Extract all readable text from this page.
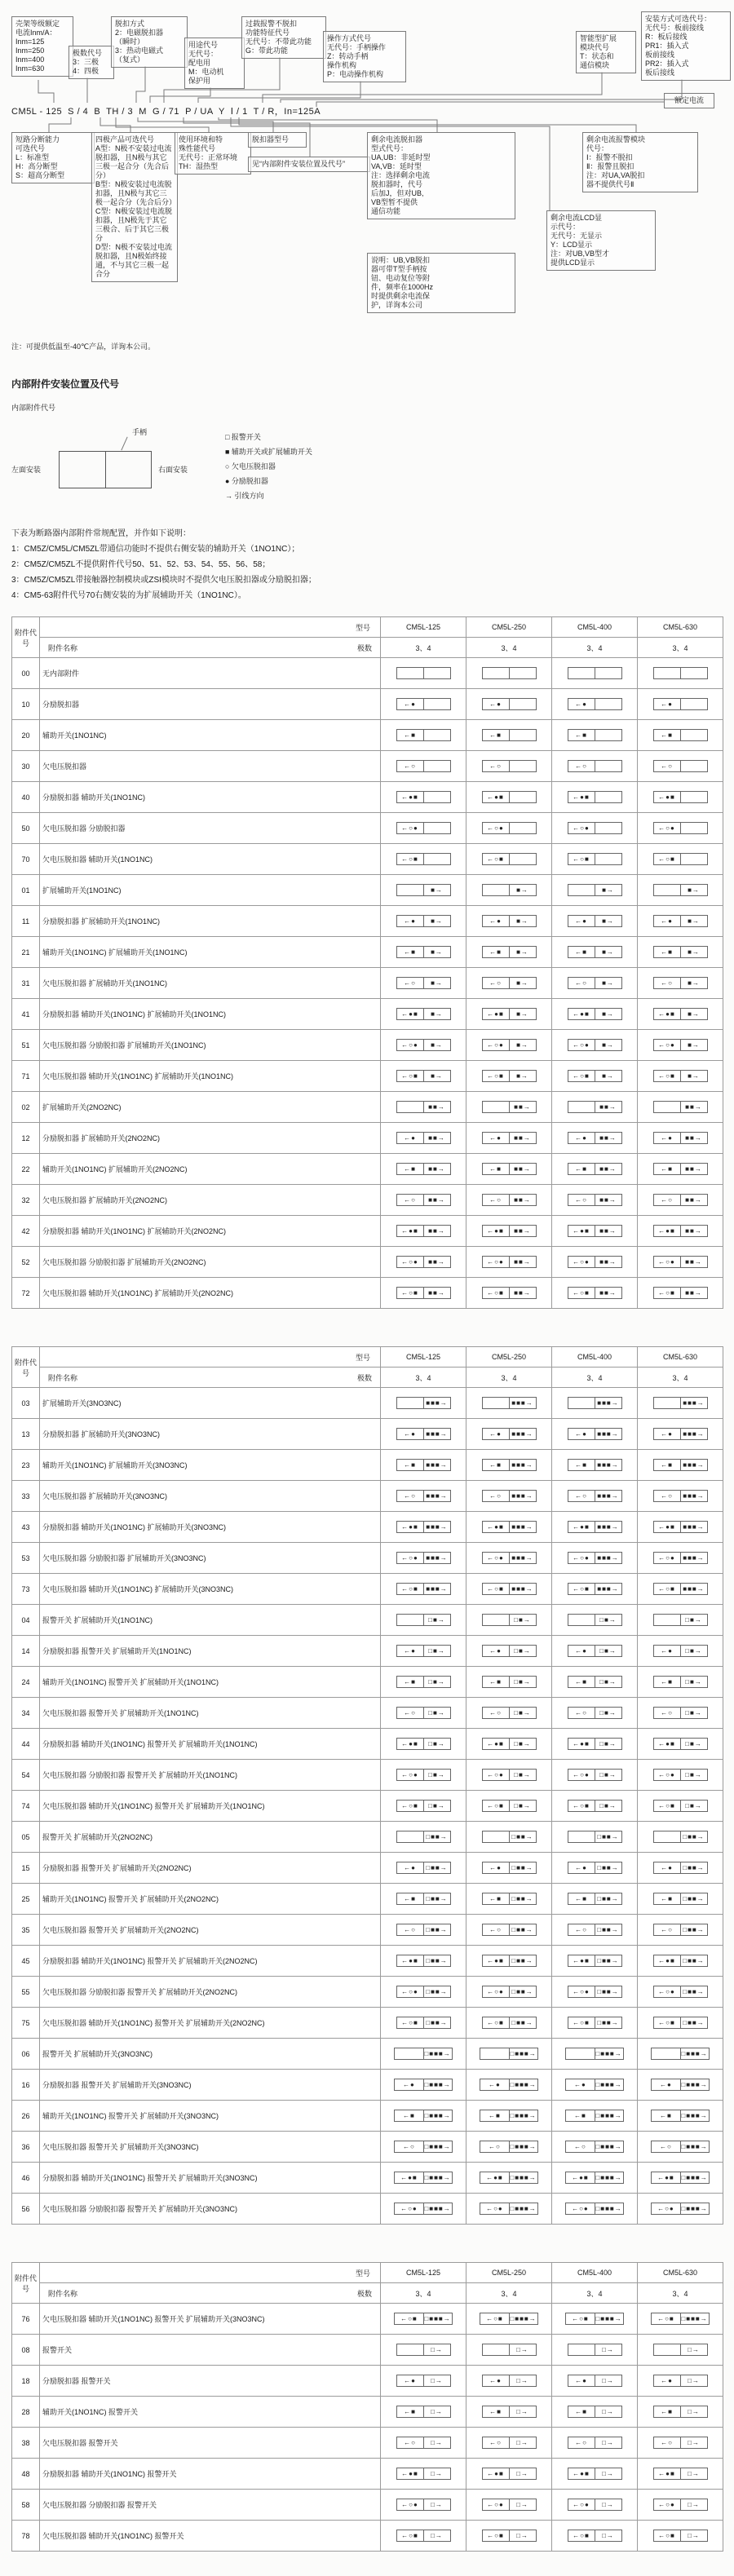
壳架等级额定
电流Inm/A：
Inm=125
Inm=250
Inm=400
Inm=630
极数代号
3：三极
4：四极
脱扣方式
2：电磁脱扣器
（瞬时）
3：热动电磁式
（复式）
用途代号
无代号：
配电用
M：电动机
保护用
过载报警不脱扣
功能特征代号
无代号：不带此功能
G：带此功能
操作方式代号
无代号：手柄操作
Z：转动手柄
操作机构
P：电动操作机构
智能型扩展
模块代号
T：状态和
通信模块
安装方式可选代号：
无代号：板前接线
R：板后接线
PR1：插入式
板前接线
PR2：插入式
板后接线
CM5L - 125  S / 4  B  TH / 3  M  G / 71  P / UA  Y  Ⅰ / 1  T / R，In=125A
额定电流
短路分断能力
可选代号
L：标准型
H：高分断型
S：超高分断型
四极产品可选代号
A型：N极不安装过电流脱扣器，且N极与其它三极一起合分（先合后分）
B型：N极安装过电流脱扣器，且N极与其它三极一起合分（先合后分）
C型：N极安装过电流脱扣器，且N极先于其它三极合、后于其它三极分
D型：N极不安装过电流脱扣器，且N极始终接通，不与其它三极一起合分
使用环境和特
殊性能代号
无代号：正常环境
TH：湿热型
脱扣器型号
见“内部附件安装位置及代号”
剩余电流脱扣器
型式代号：
UA,UB：非延时型
VA,VB：延时型
注：选择剩余电流
脱扣器时，代号
后加J，但对UB,
VB型暂不提供
通信功能
说明：UB,VB脱扣
器可带T型手柄按
钮、电动复位等附
件，频率在1000Hz
时提供剩余电流保
护，详询本公司
剩余电流报警模块
代号：
Ⅰ：报警不脱扣
Ⅱ：报警且脱扣
注：对UA,VA脱扣
器不提供代号Ⅱ
剩余电流LCD显
示代号：
无代号：无显示
Y：LCD显示
注：对UB,VB型才
提供LCD显示
注：可提供低温至-40℃产品，详询本公司。
内部附件安装位置及代号
内部附件代号
手柄
左面安装	右面安装
□ 报警开关
■ 辅助开关或扩展辅助开关
○ 欠电压脱扣器
● 分励脱扣器
→ 引线方向

下表为断路器内部附件常规配置，并作如下说明：

1：CM5Z/CM5L/CM5ZL带通信功能时不提供右侧安装的辅助开关（1NO1NC）；
2：CM5Z/CM5ZL不提供附件代号50、51、52、53、54、55、56、58；
3：CM5Z/CM5ZL带接触器控制模块或ZSI模块时不提供欠电压脱扣器或分励脱扣器；
4：CM5-63附件代号70右侧安装的为扩展辅助开关（1NO1NC）。
附件代号	型号	CM5L-125	CM5L-250	CM5L-400	CM5L-630

	附件名称 极数	3、4	3、4	3、4	3、4
00	无内部附件	

10	分励脱扣器	←●	←●	←●	←●

20	辅助开关(1NO1NC)	←■	←■	←■	←■

30	欠电压脱扣器	←○	←○	←○	←○

40	分励脱扣器 辅助开关(1NO1NC)	←●■	←●■	←●■	←●■

50	欠电压脱扣器 分励脱扣器	←○●	←○●	←○●	←○●

70	欠电压脱扣器 辅助开关(1NO1NC)	←○■	←○■	←○■	←○■

01	扩展辅助开关(1NO1NC)	■→	■→	■→	■→

11	分励脱扣器 扩展辅助开关(1NO1NC)	←● ■→	←● ■→	←● ■→	←● ■→

21	辅助开关(1NO1NC) 扩展辅助开关(1NO1NC)	←■ ■→	←■ ■→	←■ ■→	←■ ■→

31	欠电压脱扣器 扩展辅助开关(1NO1NC)	←○ ■→	←○ ■→	←○ ■→	←○ ■→

41	分励脱扣器 辅助开关(1NO1NC) 扩展辅助开关(1NO1NC)	←●■ ■→	←●■ ■→	←●■ ■→	←●■ ■→

51	欠电压脱扣器 分励脱扣器 扩展辅助开关(1NO1NC)	←○● ■→	←○● ■→	←○● ■→	←○● ■→

71	欠电压脱扣器 辅助开关(1NO1NC) 扩展辅助开关(1NO1NC)	←○■ ■→	←○■ ■→	←○■ ■→	←○■ ■→

02	扩展辅助开关(2NO2NC)	■■→	■■→	■■→	■■→

12	分励脱扣器 扩展辅助开关(2NO2NC)	←● ■■→	←● ■■→	←● ■■→	←● ■■→

22	辅助开关(1NO1NC) 扩展辅助开关(2NO2NC)	←■ ■■→	←■ ■■→	←■ ■■→	←■ ■■→

32	欠电压脱扣器 扩展辅助开关(2NO2NC)	←○ ■■→	←○ ■■→	←○ ■■→	←○ ■■→

42	分励脱扣器 辅助开关(1NO1NC) 扩展辅助开关(2NO2NC)	←●■ ■■→	←●■ ■■→	←●■ ■■→	←●■ ■■→

52	欠电压脱扣器 分励脱扣器 扩展辅助开关(2NO2NC)	←○● ■■→	←○● ■■→	←○● ■■→	←○● ■■→

72	欠电压脱扣器 辅助开关(1NO1NC) 扩展辅助开关(2NO2NC)	←○■ ■■→	←○■ ■■→	←○■ ■■→	←○■ ■■→
附件代号	型号	CM5L-125	CM5L-250	CM5L-400	CM5L-630

	附件名称 极数	3、4	3、4	3、4	3、4
03	扩展辅助开关(3NO3NC)	■■■→	■■■→	■■■→	■■■→

13	分励脱扣器 扩展辅助开关(3NO3NC)	←● ■■■→	←● ■■■→	←● ■■■→	←● ■■■→

23	辅助开关(1NO1NC) 扩展辅助开关(3NO3NC)	←■ ■■■→	←■ ■■■→	←■ ■■■→	←■ ■■■→

33	欠电压脱扣器 扩展辅助开关(3NO3NC)	←○ ■■■→	←○ ■■■→	←○ ■■■→	←○ ■■■→

43	分励脱扣器 辅助开关(1NO1NC) 扩展辅助开关(3NO3NC)	←●■ ■■■→	←●■ ■■■→	←●■ ■■■→	←●■ ■■■→

53	欠电压脱扣器 分励脱扣器 扩展辅助开关(3NO3NC)	←○● ■■■→	←○● ■■■→	←○● ■■■→	←○● ■■■→

73	欠电压脱扣器 辅助开关(1NO1NC) 扩展辅助开关(3NO3NC)	←○■ ■■■→	←○■ ■■■→	←○■ ■■■→	←○■ ■■■→

04	报警开关 扩展辅助开关(1NO1NC)	□■→	□■→	□■→	□■→

14	分励脱扣器 报警开关 扩展辅助开关(1NO1NC)	←● □■→	←● □■→	←● □■→	←● □■→

24	辅助开关(1NO1NC) 报警开关 扩展辅助开关(1NO1NC)	←■ □■→	←■ □■→	←■ □■→	←■ □■→

34	欠电压脱扣器 报警开关 扩展辅助开关(1NO1NC)	←○ □■→	←○ □■→	←○ □■→	←○ □■→

44	分励脱扣器 辅助开关(1NO1NC) 报警开关 扩展辅助开关(1NO1NC)	←●■ □■→	←●■ □■→	←●■ □■→	←●■ □■→

54	欠电压脱扣器 分励脱扣器 报警开关 扩展辅助开关(1NO1NC)	←○● □■→	←○● □■→	←○● □■→	←○● □■→

74	欠电压脱扣器 辅助开关(1NO1NC) 报警开关 扩展辅助开关(1NO1NC)	←○■ □■→	←○■ □■→	←○■ □■→	←○■ □■→

05	报警开关 扩展辅助开关(2NO2NC)	□■■→	□■■→	□■■→	□■■→

15	分励脱扣器 报警开关 扩展辅助开关(2NO2NC)	←● □■■→	←● □■■→	←● □■■→	←● □■■→

25	辅助开关(1NO1NC) 报警开关 扩展辅助开关(2NO2NC)	←■ □■■→	←■ □■■→	←■ □■■→	←■ □■■→

35	欠电压脱扣器 报警开关 扩展辅助开关(2NO2NC)	←○ □■■→	←○ □■■→	←○ □■■→	←○ □■■→

45	分励脱扣器 辅助开关(1NO1NC) 报警开关 扩展辅助开关(2NO2NC)	←●■ □■■→	←●■ □■■→	←●■ □■■→	←●■ □■■→

55	欠电压脱扣器 分励脱扣器 报警开关 扩展辅助开关(2NO2NC)	←○● □■■→	←○● □■■→	←○● □■■→	←○● □■■→

75	欠电压脱扣器 辅助开关(1NO1NC) 报警开关 扩展辅助开关(2NO2NC)	←○■ □■■→	←○■ □■■→	←○■ □■■→	←○■ □■■→

06	报警开关 扩展辅助开关(3NO3NC)	□■■■→	□■■■→	□■■■→	□■■■→

16	分励脱扣器 报警开关 扩展辅助开关(3NO3NC)	←● □■■■→	←● □■■■→	←● □■■■→	←● □■■■→

26	辅助开关(1NO1NC) 报警开关 扩展辅助开关(3NO3NC)	←■ □■■■→	←■ □■■■→	←■ □■■■→	←■ □■■■→

36	欠电压脱扣器 报警开关 扩展辅助开关(3NO3NC)	←○ □■■■→	←○ □■■■→	←○ □■■■→	←○ □■■■→

46	分励脱扣器 辅助开关(1NO1NC) 报警开关 扩展辅助开关(3NO3NC)	←●■ □■■■→	←●■ □■■■→	←●■ □■■■→	←●■ □■■■→

56	欠电压脱扣器 分励脱扣器 报警开关 扩展辅助开关(3NO3NC)	←○● □■■■→	←○● □■■■→	←○● □■■■→	←○● □■■■→
附件代号	型号	CM5L-125	CM5L-250	CM5L-400	CM5L-630

	附件名称 极数	3、4	3、4	3、4	3、4
76	欠电压脱扣器 辅助开关(1NO1NC) 报警开关 扩展辅助开关(3NO3NC)	←○■ □■■■→	←○■ □■■■→	←○■ □■■■→	←○■ □■■■→

08	报警开关	□→	□→	□→	□→

18	分励脱扣器 报警开关	←● □→	←● □→	←● □→	←● □→

28	辅助开关(1NO1NC) 报警开关	←■ □→	←■ □→	←■ □→	←■ □→

38	欠电压脱扣器 报警开关	←○ □→	←○ □→	←○ □→	←○ □→

48	分励脱扣器 辅助开关(1NO1NC) 报警开关	←●■ □→	←●■ □→	←●■ □→	←●■ □→

58	欠电压脱扣器 分励脱扣器 报警开关	←○● □→	←○● □→	←○● □→	←○● □→

78	欠电压脱扣器 辅助开关(1NO1NC) 报警开关	←○■ □→	←○■ □→	←○■ □→	←○■ □→
